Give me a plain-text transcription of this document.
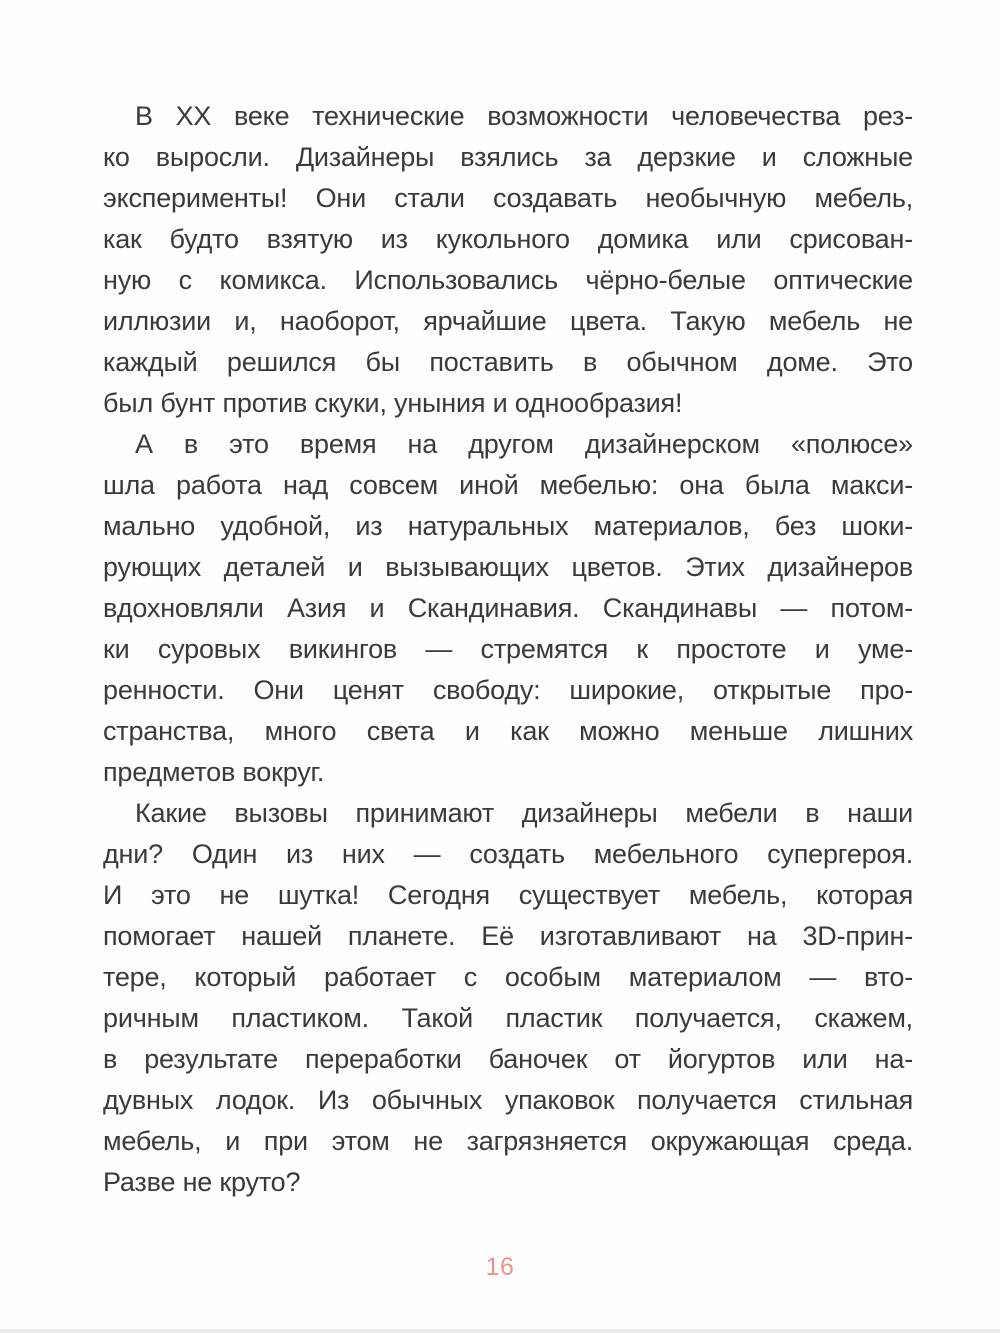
В ХХ веке технические возможности человечества рез-
ко выросли. Дизайнеры взялись за дерзкие и сложные
эксперименты! Они стали создавать необычную мебель,
как будто взятую из кукольного домика или срисован-
ную с комикса. Использовались чёрно-белые оптические
иллюзии и, наоборот, ярчайшие цвета. Такую мебель не
каждый решился бы поставить в обычном доме. Это
был бунт против скуки, уныния и однообразия!
А в это время на другом дизайнерском «полюсе»
шла работа над совсем иной мебелью: она была макси-
мально удобной, из натуральных материалов, без шоки-
рующих деталей и вызывающих цветов. Этих дизайнеров
вдохновляли Азия и Скандинавия. Скандинавы — потом-
ки суровых викингов — стремятся к простоте и уме-
ренности. Они ценят свободу: широкие, открытые про-
странства, много света и как можно меньше лишних
предметов вокруг.
Какие вызовы принимают дизайнеры мебели в наши
дни? Один из них — создать мебельного супергероя.
И это не шутка! Сегодня существует мебель, которая
помогает нашей планете. Её изготавливают на 3D-прин-
тере, который работает с особым материалом — вто-
ричным пластиком. Такой пластик получается, скажем,
в результате переработки баночек от йогуртов или на-
дувных лодок. Из обычных упаковок получается стильная
мебель, и при этом не загрязняется окружающая среда.
Разве не круто?
16
